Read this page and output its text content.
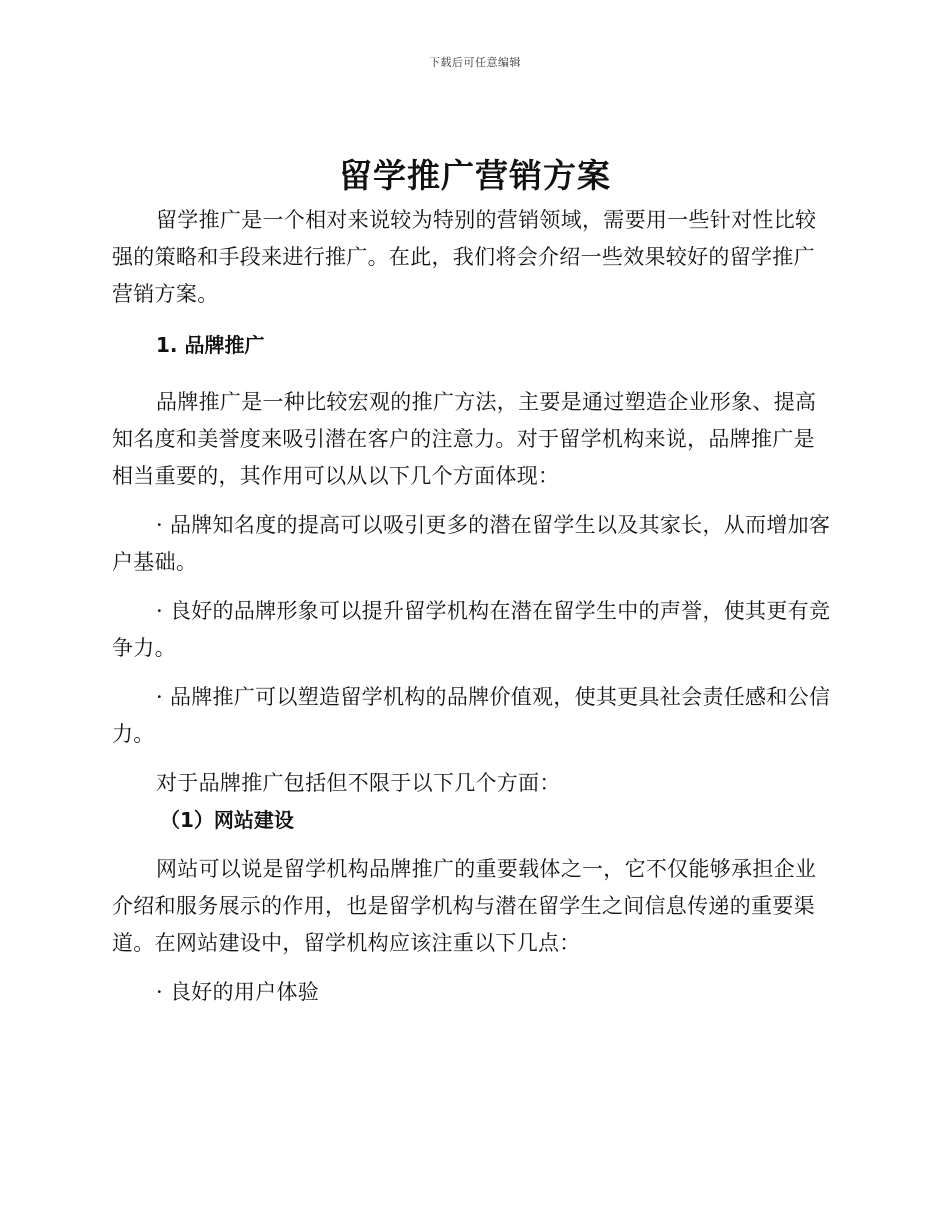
下载后可任意编辑
留学推广营销方案

留学推广是一个相对来说较为特别的营销领域，需要用一些针对性比较强的策略和手段来进行推广。在此，我们将会介绍一些效果较好的留学推广营销方案。

1. 品牌推广

品牌推广是一种比较宏观的推广方法，主要是通过塑造企业形象、提高知名度和美誉度来吸引潜在客户的注意力。对于留学机构来说，品牌推广是相当重要的，其作用可以从以下几个方面体现：

· 品牌知名度的提高可以吸引更多的潜在留学生以及其家长，从而增加客户基础。

· 良好的品牌形象可以提升留学机构在潜在留学生中的声誉，使其更有竞争力。

· 品牌推广可以塑造留学机构的品牌价值观，使其更具社会责任感和公信力。

对于品牌推广包括但不限于以下几个方面：

（1）网站建设

网站可以说是留学机构品牌推广的重要载体之一，它不仅能够承担企业介绍和服务展示的作用，也是留学机构与潜在留学生之间信息传递的重要渠道。在网站建设中，留学机构应该注重以下几点：

· 良好的用户体验
